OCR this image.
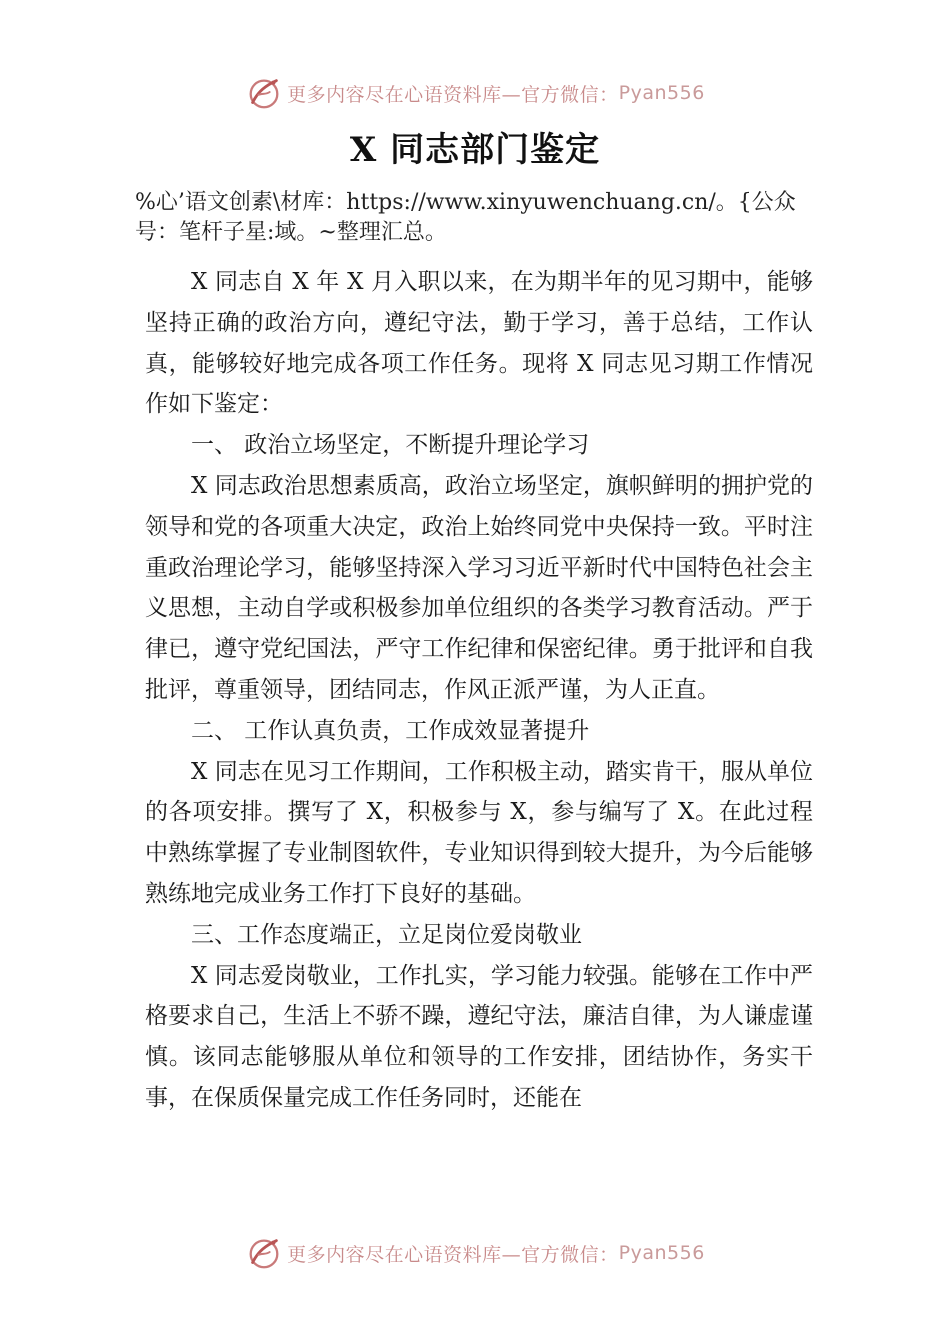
更多内容尽在心语资料库—官方微信： Pyan556
X 同志部门鉴定
%心’语文创素\材库：https://www.xinyuwenchuang.cn/。{公众号：笔杆子星:域。~整理汇总。

X 同志自 X 年 X 月入职以来，在为期半年的见习期中，能够坚持正确的政治方向，遵纪守法，勤于学习，善于总结，工作认真，能够较好地完成各项工作任务。现将 X 同志见习期工作情况作如下鉴定：

一、 政治立场坚定，不断提升理论学习

X 同志政治思想素质高，政治立场坚定，旗帜鲜明的拥护党的领导和党的各项重大决定，政治上始终同党中央保持一致。平时注重政治理论学习，能够坚持深入学习习近平新时代中国特色社会主义思想，主动自学或积极参加单位组织的各类学习教育活动。严于律已，遵守党纪国法，严守工作纪律和保密纪律。勇于批评和自我批评，尊重领导，团结同志，作风正派严谨，为人正直。

二、 工作认真负责，工作成效显著提升

X 同志在见习工作期间，工作积极主动，踏实肯干，服从单位的各项安排。撰写了 X，积极参与 X，参与编写了 X。在此过程中熟练掌握了专业制图软件，专业知识得到较大提升，为今后能够熟练地完成业务工作打下良好的基础。

三、工作态度端正，立足岗位爱岗敬业

X 同志爱岗敬业，工作扎实，学习能力较强。能够在工作中严格要求自己，生活上不骄不躁，遵纪守法，廉洁自律，为人谦虚谨慎。该同志能够服从单位和领导的工作安排，团结协作，务实干事，在保质保量完成工作任务同时，还能在

更多内容尽在心语资料库—官方微信： Pyan556
